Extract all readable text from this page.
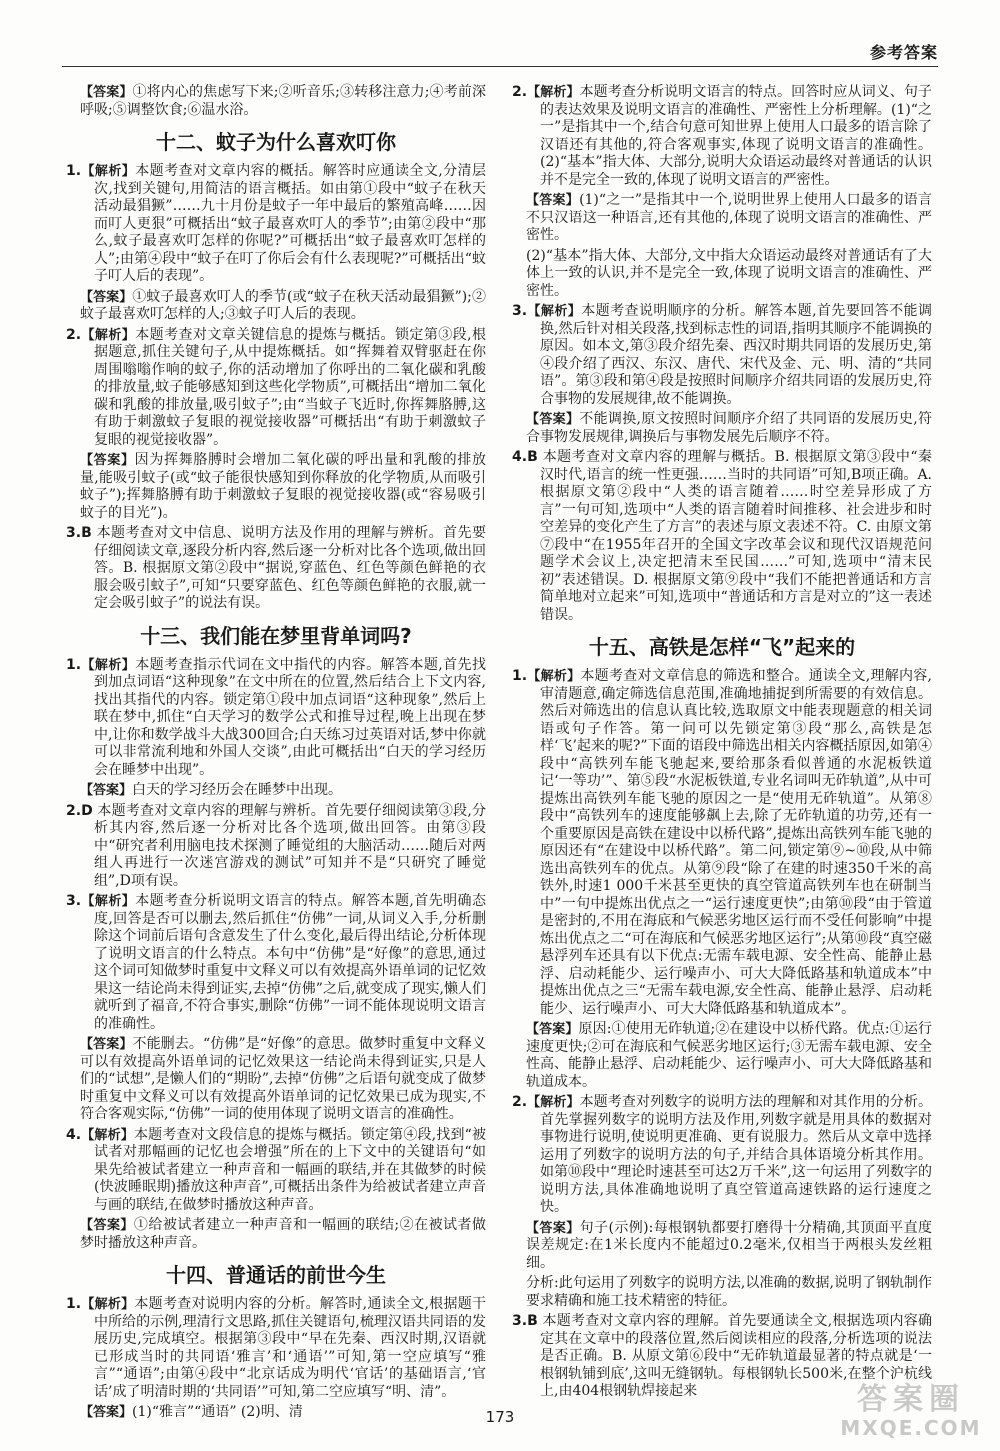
参考答案

【答案】①将内心的焦虑写下来;②听音乐;③转移注意力;④考前深呼吸;⑤调整饮食;⑥温水浴。

十二、蚊子为什么喜欢叮你

1.【解析】本题考查对文章内容的概括。解答时应通读全文,分清层次,找到关键句,用简洁的语言概括。如由第①段中“蚊子在秋天活动最猖獗”……九十月份是蚊子一年中最后的繁殖高峰……因而叮人更狠”可概括出“蚊子最喜欢叮人的季节”;由第②段中“那么,蚊子最喜欢叮怎样的你呢?”可概括出“蚊子最喜欢叮怎样的人”;由第④段中“蚊子在叮了你后会有什么表现呢?”可概括出“蚊子叮人后的表现”。

【答案】①蚊子最喜欢叮人的季节(或“蚊子在秋天活动最猖獗”);②蚊子最喜欢叮怎样的人;③蚊子叮人后的表现。

2.【解析】本题考查对文章关键信息的提炼与概括。锁定第③段,根据题意,抓住关键句子,从中提炼概括。如“挥舞着双臂驱赶在你周围嗡嗡作响的蚊子,你的活动增加了你呼出的二氧化碳和乳酸的排放量,蚊子能够感知到这些化学物质”,可概括出“增加二氧化碳和乳酸的排放量,吸引蚊子”;由“当蚊子飞近时,你挥舞胳膊,这有助于刺激蚊子复眼的视觉接收器”可概括出“有助于刺激蚊子复眼的视觉接收器”。

【答案】因为挥舞胳膊时会增加二氧化碳的呼出量和乳酸的排放量,能吸引蚊子(或“蚊子能很快感知到你释放的化学物质,从而吸引蚊子”);挥舞胳膊有助于刺激蚊子复眼的视觉接收器(或“容易吸引蚊子的目光”)。

3.B 本题考查对文中信息、说明方法及作用的理解与辨析。首先要仔细阅读文章,逐段分析内容,然后逐一分析对比各个选项,做出回答。B. 根据原文第②段中“据说,穿蓝色、红色等颜色鲜艳的衣服会吸引蚊子”,可知“只要穿蓝色、红色等颜色鲜艳的衣服,就一定会吸引蚊子”的说法有误。

十三、我们能在梦里背单词吗?

1.【解析】本题考查指示代词在文中指代的内容。解答本题,首先找到加点词语“这种现象”在文中所在的位置,然后结合上下文内容,找出其指代的内容。锁定第①段中加点词语“这种现象”,然后上联在梦中,抓住“白天学习的数学公式和推导过程,晚上出现在梦中,让你和数学战斗大战300回合;白天练习过英语对话,梦中你就可以非常流利地和外国人交谈”,由此可概括出“白天的学习经历会在睡梦中出现”。

【答案】白天的学习经历会在睡梦中出现。

2.D 本题考查对文章内容的理解与辨析。首先要仔细阅读第③段,分析其内容,然后逐一分析对比各个选项,做出回答。由第③段中“研究者利用脑电技术探测了睡觉组的大脑活动……随后对两组人再进行一次迷宫游戏的测试”可知并不是“只研究了睡觉组”,D项有误。

3.【解析】本题考查分析说明文语言的特点。解答本题,首先明确态度,回答是否可以删去,然后抓住“仿佛”一词,从词义入手,分析删除这个词前后语句含意发生了什么变化,最后得出结论,分析体现了说明文语言的什么特点。本句中“仿佛”是“好像”的意思,通过这个词可知做梦时重复中文释义可以有效提高外语单词的记忆效果这一结论尚未得到证实,去掉“仿佛”之后,就变成了现实,懒人们就听到了福音,不符合事实,删除“仿佛”一词不能体现说明文语言的准确性。

【答案】不能删去。“仿佛”是“好像”的意思。做梦时重复中文释义可以有效提高外语单词的记忆效果这一结论尚未得到证实,只是人们的“试想”,是懒人们的“期盼”,去掉“仿佛”之后语句就变成了做梦时重复中文释义可以有效提高外语单词的记忆效果已成为现实,不符合客观实际,“仿佛”一词的使用体现了说明文语言的准确性。

4.【解析】本题考查对文段信息的提炼与概括。锁定第④段,找到“被试者对那幅画的记忆也会增强”所在的上下文中的关键语句“如果先给被试者建立一种声音和一幅画的联结,并在其做梦的时候(快波睡眠期)播放这种声音”,可概括出条件为给被试者建立声音与画的联结,在做梦时播放这种声音。

【答案】①给被试者建立一种声音和一幅画的联结;②在被试者做梦时播放这种声音。

十四、普通话的前世今生

1.【解析】本题考查对说明内容的分析。解答时,通读全文,根据题干中所给的示例,理清行文思路,抓住关键语句,梳理汉语共同语的发展历史,完成填空。根据第③段中“早在先秦、西汉时期,汉语就已形成当时的共同语‘雅言’和‘通语’”可知,第一空应填写“雅言”“通语”;由第④段中“北京话成为明代‘官话’的基础语言,‘官话’成了明清时期的‘共同语’”可知,第二空应填写“明、清”。

【答案】(1)“雅言”“通语” (2)明、清

2.【解析】本题考查分析说明文语言的特点。回答时应从词义、句子的表达效果及说明文语言的准确性、严密性上分析理解。(1)“之一”是指其中一个,结合句意可知世界上使用人口最多的语言除了汉语还有其他的,符合客观事实,体现了说明文语言的准确性。(2)“基本”指大体、大部分,说明大众语运动最终对普通话的认识并不是完全一致的,体现了说明文语言的严密性。

【答案】(1)“之一”是指其中一个,说明世界上使用人口最多的语言不只汉语这一种语言,还有其他的,体现了说明文语言的准确性、严密性。

(2)“基本”指大体、大部分,文中指大众语运动最终对普通话有了大体上一致的认识,并不是完全一致,体现了说明文语言的准确性、严密性。

3.【解析】本题考查说明顺序的分析。解答本题,首先要回答不能调换,然后针对相关段落,找到标志性的词语,指明其顺序不能调换的原因。如本文,第③段介绍先秦、西汉时期共同语的发展历史,第④段介绍了西汉、东汉、唐代、宋代及金、元、明、清的“共同语”。第③段和第④段是按照时间顺序介绍共同语的发展历史,符合事物的发展规律,故不能调换。

【答案】不能调换,原文按照时间顺序介绍了共同语的发展历史,符合事物发展规律,调换后与事物发展先后顺序不符。

4.B 本题考查对文章内容的理解与概括。B. 根据原文第③段中“秦汉时代,语言的统一性更强……当时的共同语”可知,B项正确。A. 根据原文第②段中“人类的语言随着……时空差异形成了方言”一句可知,选项中“人类的语言随着时间推移、社会进步和时空差异的变化产生了方言”的表述与原文表述不符。C. 由原文第⑦段中“在1955年召开的全国文字改革会议和现代汉语规范问题学术会议上,决定把清末至民国……”可知,选项中“清末民初”表述错误。D. 根据原文第⑨段中“我们不能把普通话和方言简单地对立起来”可知,选项中“普通话和方言是对立的”这一表述错误。

十五、高铁是怎样“飞”起来的

1.【解析】本题考查对文章信息的筛选和整合。通读全文,理解内容,审清题意,确定筛选信息范围,准确地捕捉到所需要的有效信息。然后对筛选出的信息认真比较,选取原文中能表现题意的相关词语或句子作答。第一问可以先锁定第③段“那么,高铁是怎样‘飞’起来的呢?”下面的语段中筛选出相关内容概括原因,如第④段中“高铁列车能飞驰起来,要给那条看似普通的水泥板铁道记‘一等功’”、第⑤段“水泥板铁道,专业名词叫无砟轨道”,从中可提炼出高铁列车能飞驰的原因之一是“使用无砟轨道”。从第⑧段中“高铁列车的速度能够飙上去,除了无砟轨道的功劳,还有一个重要原因是高铁在建设中以桥代路”,提炼出高铁列车能飞驰的原因还有“在建设中以桥代路”。第二问,锁定第⑨~⑩段,从中筛选出高铁列车的优点。从第⑨段“除了在建的时速350千米的高铁外,时速1 000千米甚至更快的真空管道高铁列车也在研制当中”一句中提炼出优点之一“运行速度更快”;由第⑩段“由于管道是密封的,不用在海底和气候恶劣地区运行而不受任何影响”中提炼出优点之二“可在海底和气候恶劣地区运行”;从第⑩段“真空磁悬浮列车还具有以下优点:无需车载电源、安全性高、能静止悬浮、启动耗能少、运行噪声小、可大大降低路基和轨道成本”中提炼出优点之三“无需车载电源,安全性高、能静止悬浮、启动耗能少、运行噪声小、可大大降低路基和轨道成本”。

【答案】原因:①使用无砟轨道;②在建设中以桥代路。优点:①运行速度更快;②可在海底和气候恶劣地区运行;③无需车载电源、安全性高、能静止悬浮、启动耗能少、运行噪声小、可大大降低路基和轨道成本。

2.【解析】本题考查对列数字的说明方法的理解和对其作用的分析。首先掌握列数字的说明方法及作用,列数字就是用具体的数据对事物进行说明,使说明更准确、更有说服力。然后从文章中选择运用了列数字的说明方法的句子,并结合具体语境分析其作用。如第⑩段中“理论时速甚至可达2万千米”,这一句运用了列数字的说明方法,具体准确地说明了真空管道高速铁路的运行速度之快。

【答案】句子(示例):每根钢轨都要打磨得十分精确,其顶面平直度误差规定:在1米长度内不能超过0.2毫米,仅相当于两根头发丝粗细。

分析:此句运用了列数字的说明方法,以准确的数据,说明了钢轨制作要求精确和施工技术精密的特征。

3.B 本题考查对文章内容的理解。首先要通读全文,根据选项内容确定其在文章中的段落位置,然后阅读相应的段落,分析选项的说法是否正确。B. 从原文第⑥段中“无砟轨道最显著的特点就是‘一根钢轨铺到底’,这叫无缝钢轨。每根钢轨长500米,在整个沪杭线上,由404根钢轨焊接起来

173	答案圈
MXQE.COM
